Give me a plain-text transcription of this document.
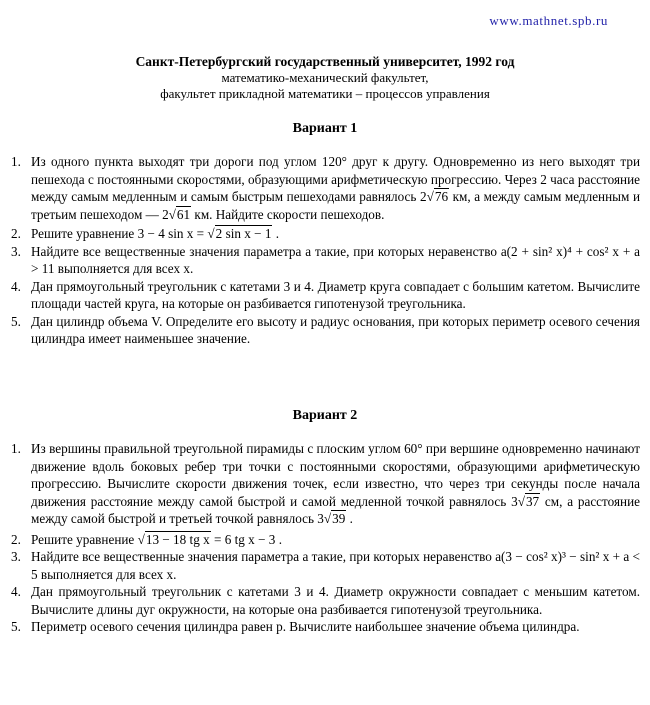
www.mathnet.spb.ru
Санкт-Петербургский государственный университет, 1992 год
математико-механический факультет,
факультет прикладной математики – процессов управления
Вариант 1
1. Из одного пункта выходят три дороги под углом 120° друг к другу. Одновременно из него выходят три пешехода с постоянными скоростями, образующими арифметическую прогрессию. Через 2 часа расстояние между самым медленным и самым быстрым пешеходами равнялось 2√76 км, а между самым медленным и третьим пешеходом — 2√61 км. Найдите скорости пешеходов.
2. Решите уравнение 3 − 4 sin x = √2 sin x − 1 .
3. Найдите все вещественные значения параметра a такие, при которых неравенство a(2 + sin² x)⁴ + cos² x + a > 11 выполняется для всех x.
4. Дан прямоугольный треугольник с катетами 3 и 4. Диаметр круга совпадает с большим катетом. Вычислите площади частей круга, на которые он разбивается гипотенузой треугольника.
5. Дан цилиндр объема V. Определите его высоту и радиус основания, при которых периметр осевого сечения цилиндра имеет наименьшее значение.
Вариант 2
1. Из вершины правильной треугольной пирамиды с плоским углом 60° при вершине одновременно начинают движение вдоль боковых ребер три точки с постоянными скоростями, образующими арифметическую прогрессию. Вычислите скорости движения точек, если известно, что через три секунды после начала движения расстояние между самой быстрой и самой медленной точкой равнялось 3√37 см, а расстояние между самой быстрой и третьей точкой равнялось 3√39 .
2. Решите уравнение √13 − 18 tg x = 6 tg x − 3 .
3. Найдите все вещественные значения параметра a такие, при которых неравенство a(3 − cos² x)³ − sin² x + a < 5 выполняется для всех x.
4. Дан прямоугольный треугольник с катетами 3 и 4. Диаметр окружности совпадает с меньшим катетом. Вычислите длины дуг окружности, на которые она разбивается гипотенузой треугольника.
5. Периметр осевого сечения цилиндра равен p. Вычислите наибольшее значение объема цилиндра.
